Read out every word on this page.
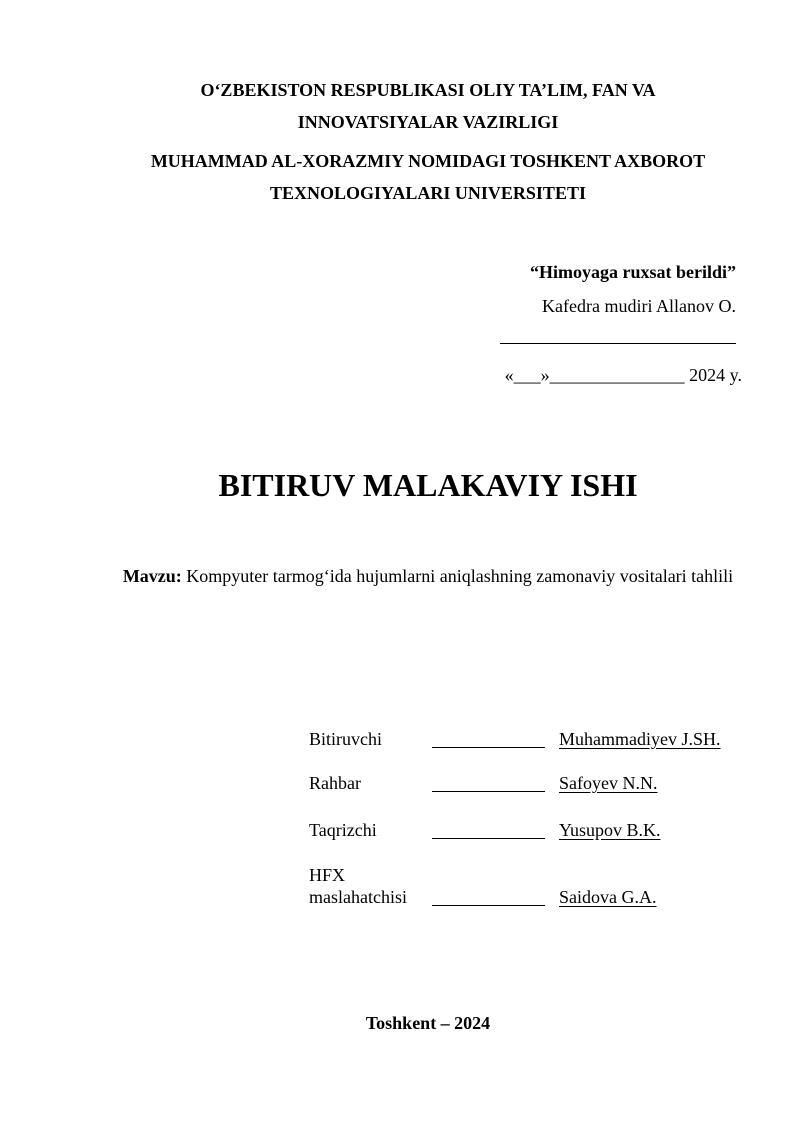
O‘ZBEKISTON RESPUBLIKASI OLIY TA’LIM, FAN VA
INNOVATSIYALAR VAZIRLIGI
MUHAMMAD AL-XORAZMIY NOMIDAGI TOSHKENT AXBOROT
TEXNOLOGIYALARI UNIVERSITETI
“Himoyaga ruxsat berildi”
Kafedra mudiri Allanov O.
«___»_______________ 2024 y.
BITIRUV MALAKAVIY ISHI
Mavzu: Kompyuter tarmog‘ida hujumlarni aniqlashning zamonaviy vositalari tahlili
Bitiruvchi	Muhammadiyev J.SH.
Rahbar	Safoyev N.N.
Taqrizchi	Yusupov B.K.
HFX
maslahatchisi	Saidova G.A.
Toshkent – 2024
